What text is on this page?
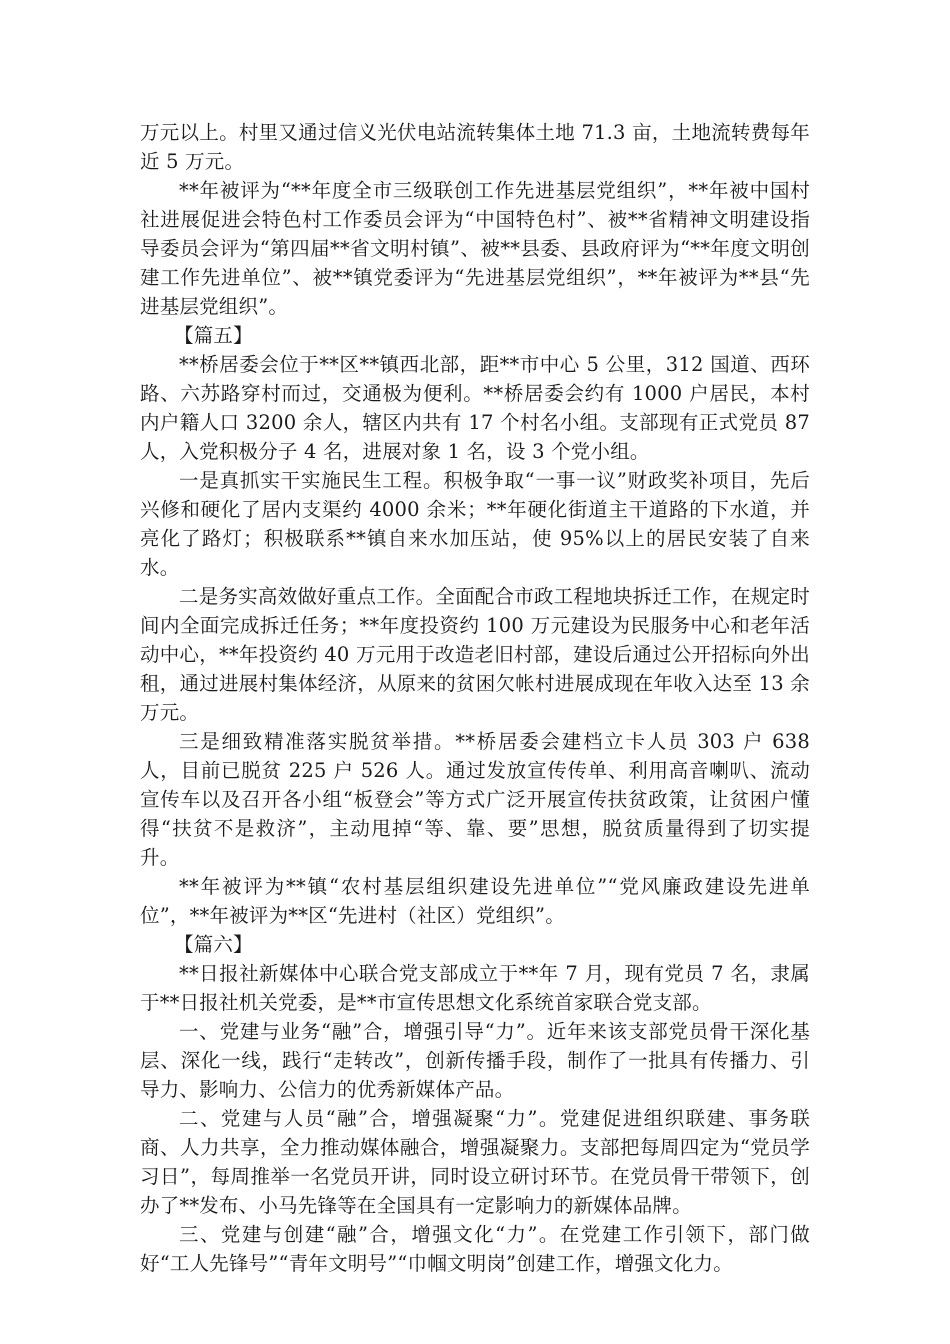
万元以上。村里又通过信义光伏电站流转集体土地 71.3 亩，土地流转费每年近 5 万元。

**年被评为“**年度全市三级联创工作先进基层党组织”，**年被中国村社进展促进会特色村工作委员会评为“中国特色村”、被**省精神文明建设指导委员会评为“第四届**省文明村镇”、被**县委、县政府评为“**年度文明创建工作先进单位”、被**镇党委评为“先进基层党组织”，**年被评为**县“先进基层党组织”。

【篇五】

**桥居委会位于**区**镇西北部，距**市中心 5 公里，312 国道、西环路、六苏路穿村而过，交通极为便利。**桥居委会约有 1000 户居民，本村内户籍人口 3200 余人，辖区内共有 17 个村名小组。支部现有正式党员 87 人，入党积极分子 4 名，进展对象 1 名，设 3 个党小组。

一是真抓实干实施民生工程。积极争取“一事一议”财政奖补项目，先后兴修和硬化了居内支渠约 4000 余米；**年硬化街道主干道路的下水道，并亮化了路灯；积极联系**镇自来水加压站，使 95%以上的居民安装了自来水。

二是务实高效做好重点工作。全面配合市政工程地块拆迁工作，在规定时间内全面完成拆迁任务；**年度投资约 100 万元建设为民服务中心和老年活动中心，**年投资约 40 万元用于改造老旧村部，建设后通过公开招标向外出租，通过进展村集体经济，从原来的贫困欠帐村进展成现在年收入达至 13 余万元。

三是细致精准落实脱贫举措。**桥居委会建档立卡人员 303 户 638 人，目前已脱贫 225 户 526 人。通过发放宣传传单、利用高音喇叭、流动宣传车以及召开各小组“板登会”等方式广泛开展宣传扶贫政策，让贫困户懂得“扶贫不是救济”，主动甩掉“等、靠、要”思想，脱贫质量得到了切实提升。

**年被评为**镇“农村基层组织建设先进单位”“党风廉政建设先进单位”，**年被评为**区“先进村（社区）党组织”。

【篇六】

**日报社新媒体中心联合党支部成立于**年 7 月，现有党员 7 名，隶属于**日报社机关党委，是**市宣传思想文化系统首家联合党支部。

一、党建与业务“融”合，增强引导“力”。近年来该支部党员骨干深化基层、深化一线，践行“走转改”，创新传播手段，制作了一批具有传播力、引导力、影响力、公信力的优秀新媒体产品。

二、党建与人员“融”合，增强凝聚“力”。党建促进组织联建、事务联商、人力共享，全力推动媒体融合，增强凝聚力。支部把每周四定为“党员学习日”，每周推举一名党员开讲，同时设立研讨环节。在党员骨干带领下，创办了**发布、小马先锋等在全国具有一定影响力的新媒体品牌。

三、党建与创建“融”合，增强文化“力”。在党建工作引领下，部门做好“工人先锋号”“青年文明号”“巾帼文明岗”创建工作，增强文化力。
